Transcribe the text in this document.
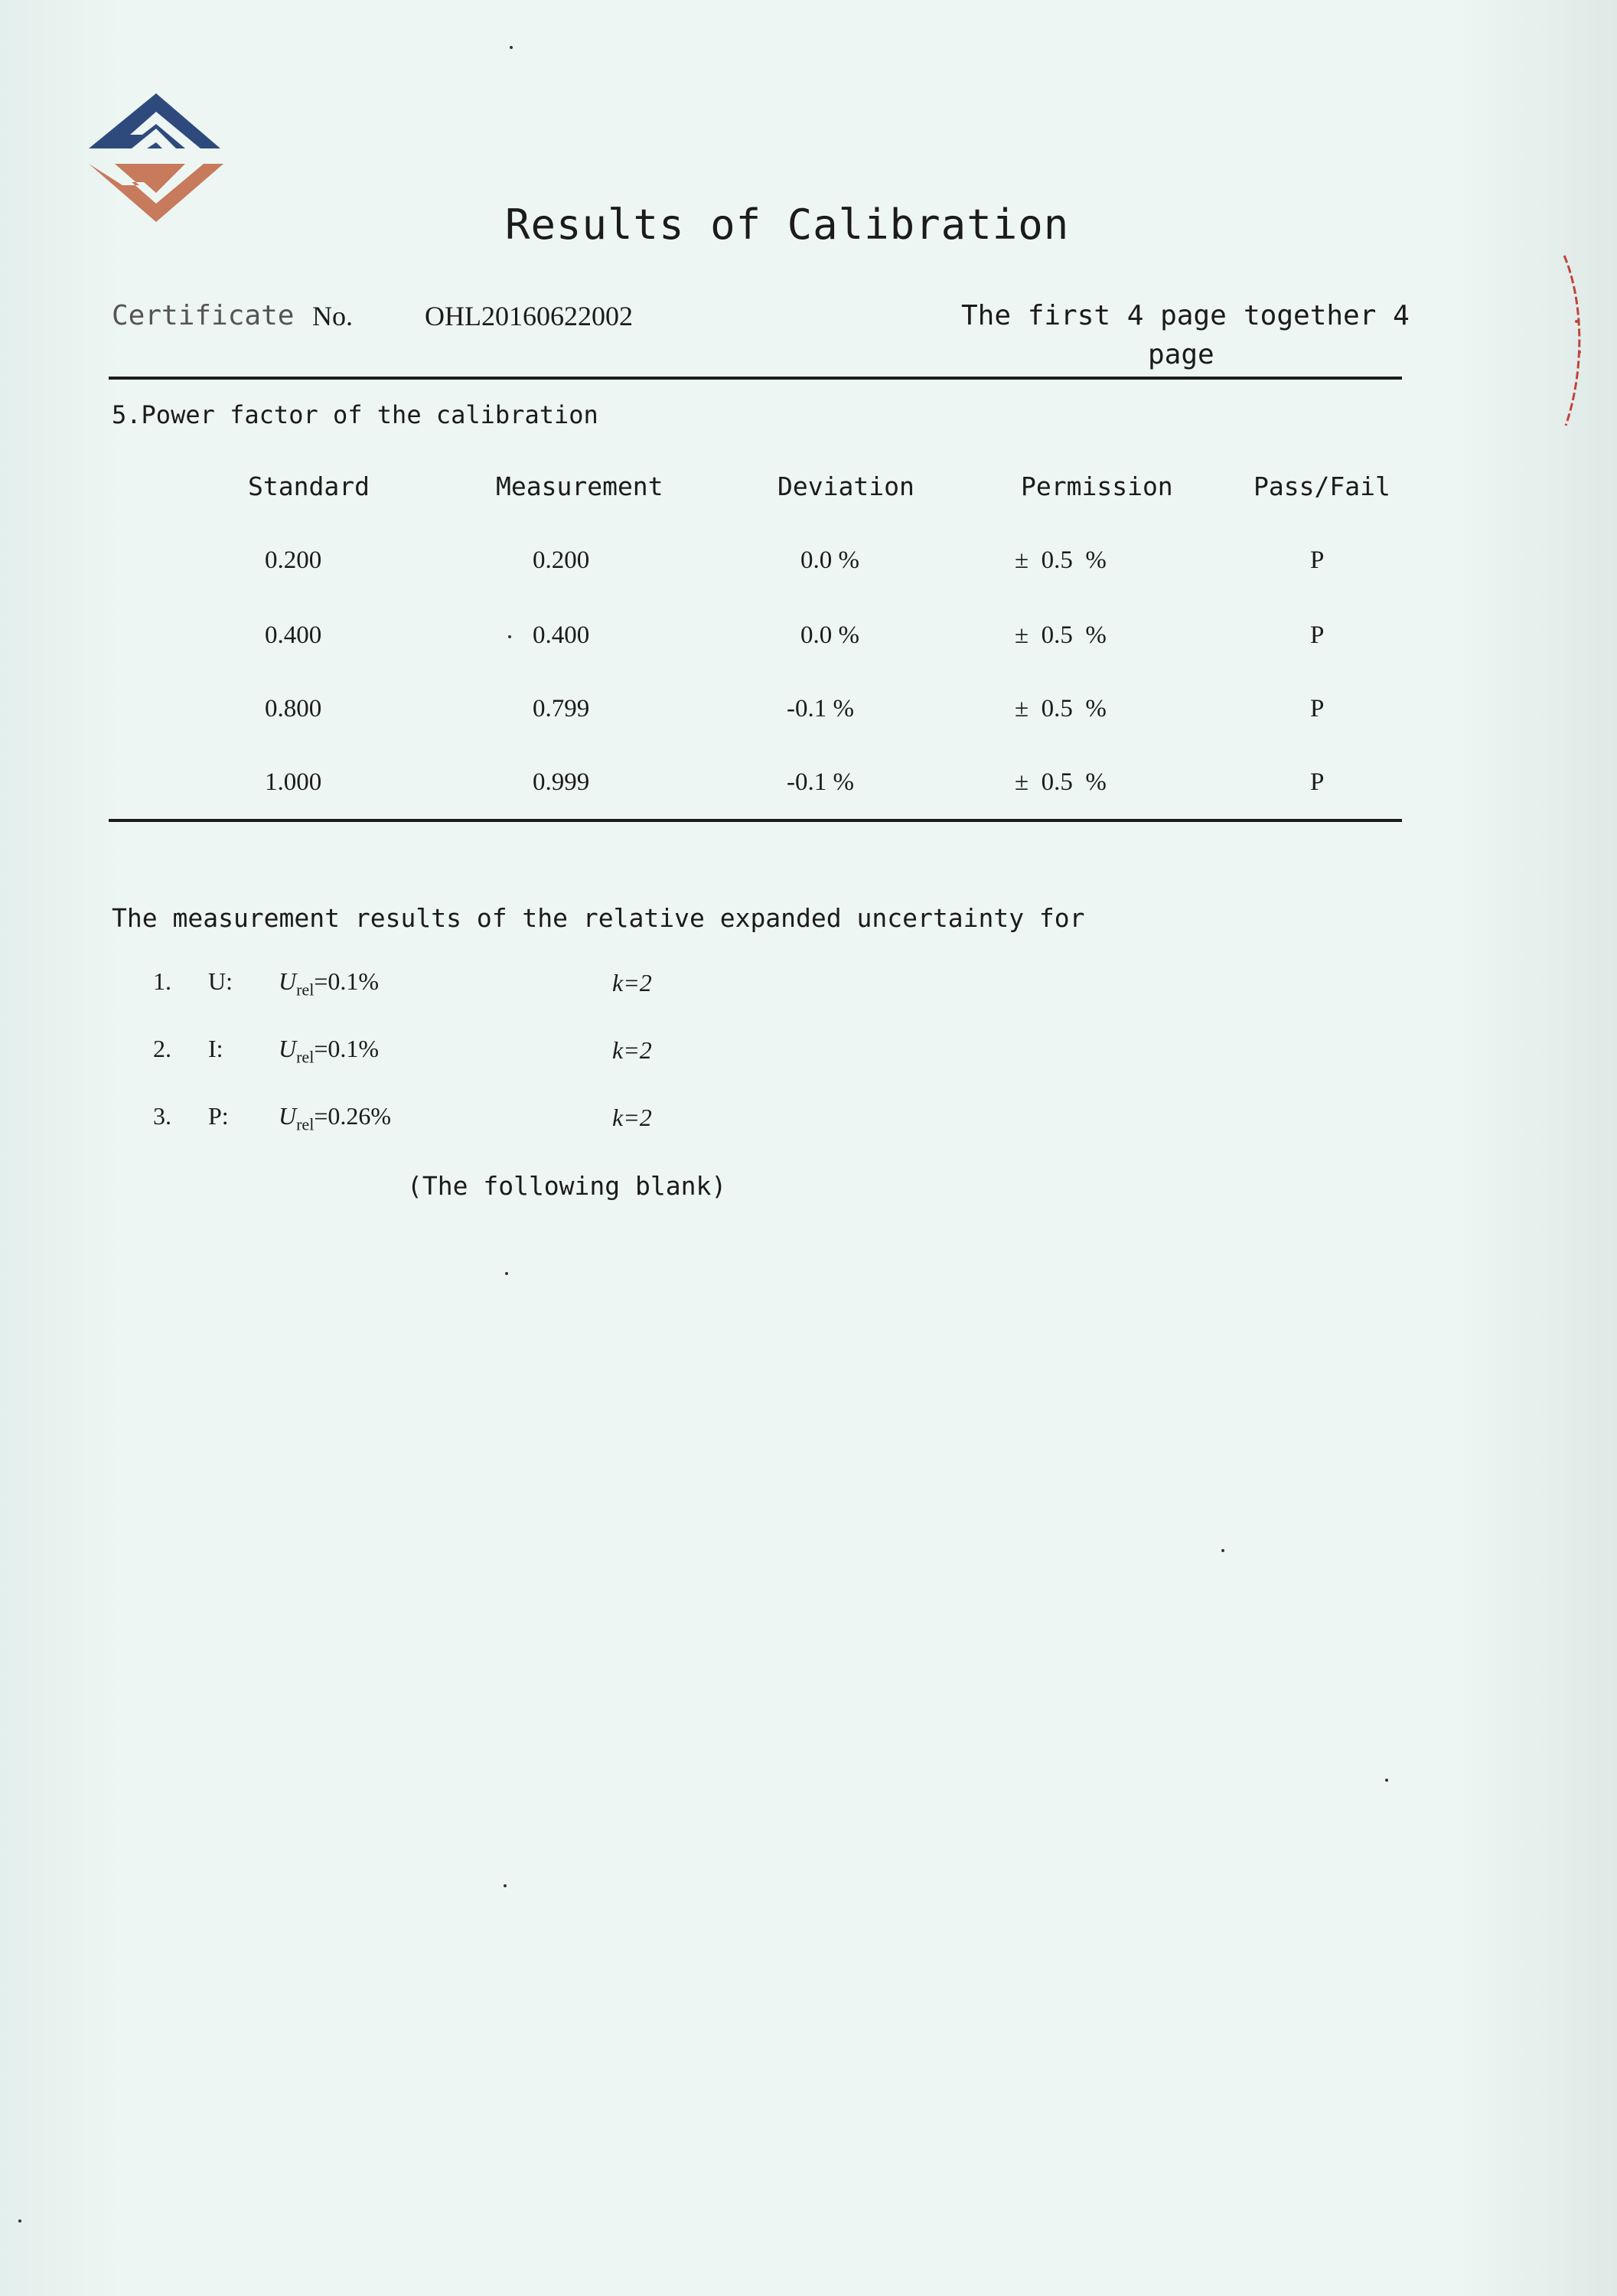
Results of Calibration
Certificate No.	OHL20160622002	The first 4 page
page
together 4
5.Power factor of the calibration
Standard	Measurement	Deviation	Permission	Pass/Fail
0.200	0.200	0.0 %	±  0.5  %	P
0.400	0.400	0.0 %	±  0.5  %	P
0.800	0.799	-0.1 %	±  0.5  %	P
1.000	0.999	-0.1 %	±  0.5  %	P
The measurement results of the relative expanded uncertainty for
1. U: $U_{rel}=0.1\%$	k=2
2. I: $U_{rel}=0.1\%$	k=2
3. P: $U_{rel}=0.26\%$	k=2
(The following blank)
